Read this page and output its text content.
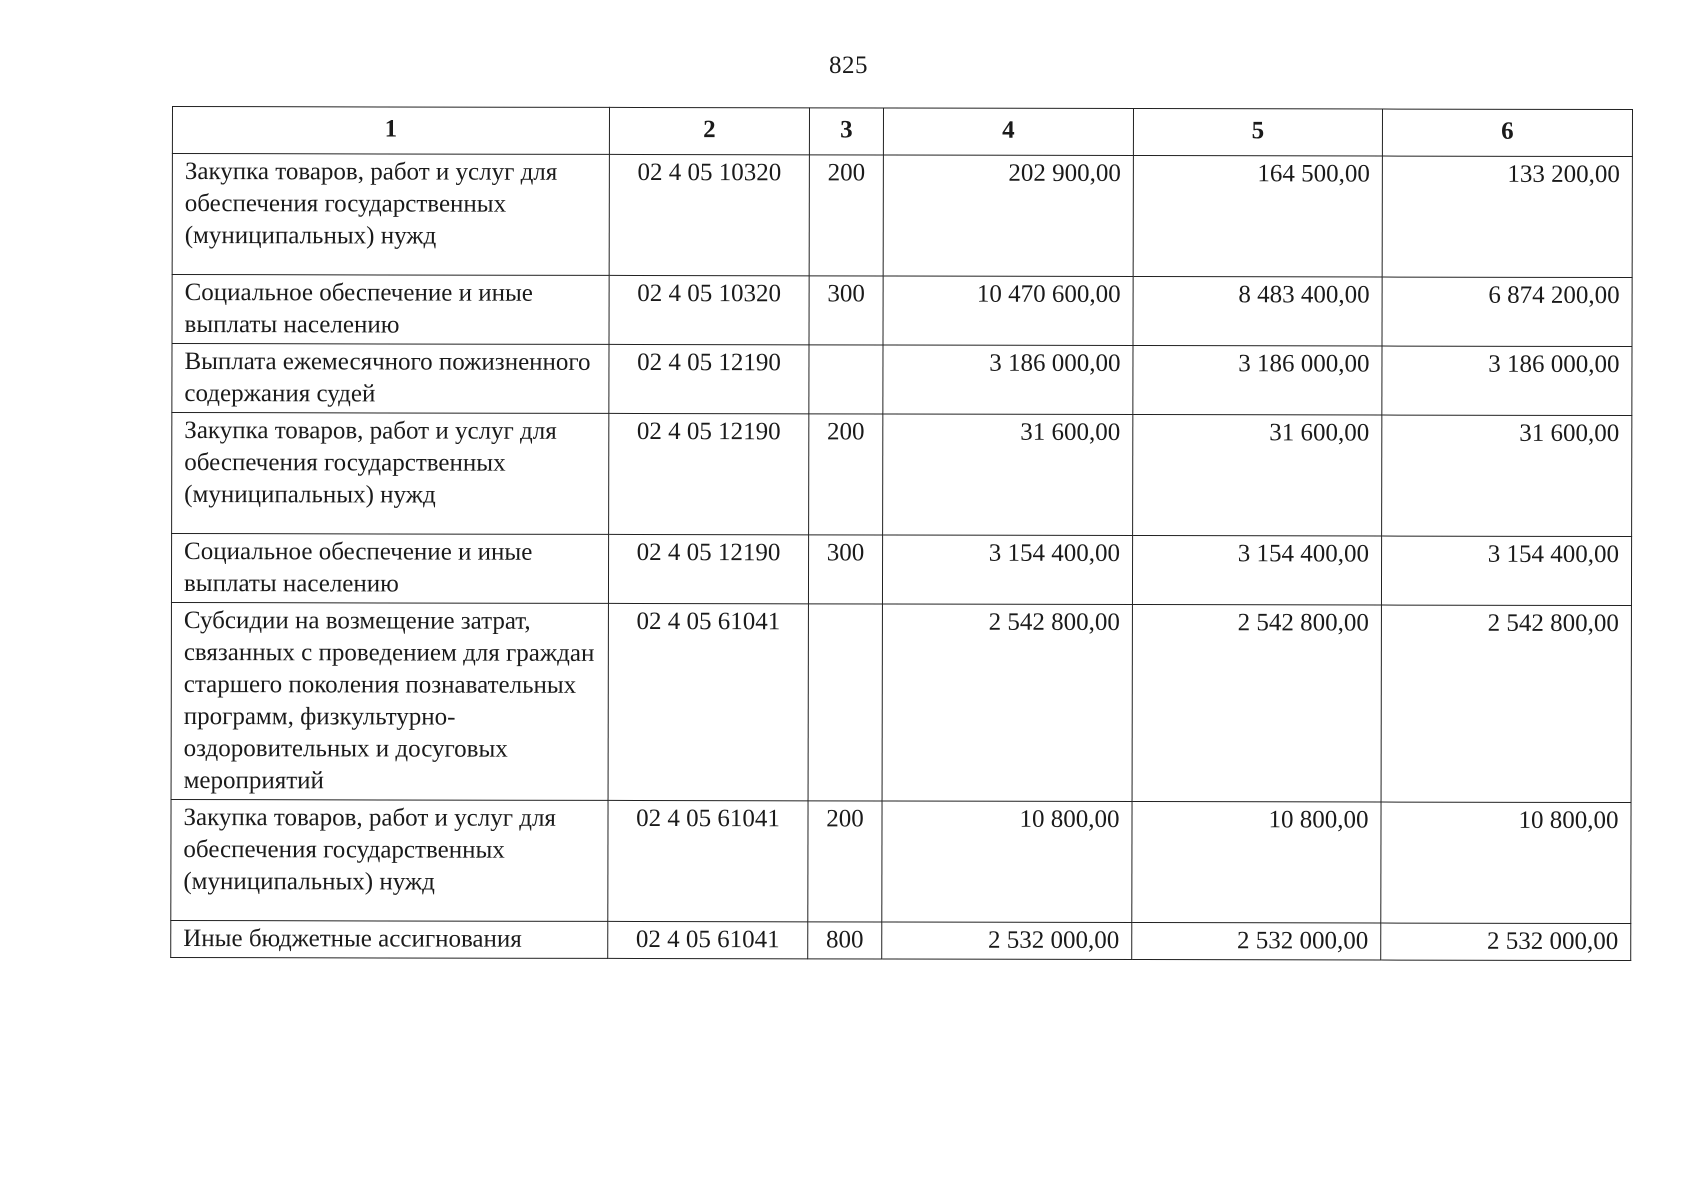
825
1	2	3	4	5	6
Закупка товаров, работ и услуг для обеспечения государственных (муниципальных) нужд	02 4 05 10320	200	202 900,00	164 500,00	133 200,00
Социальное обеспечение и иные выплаты населению	02 4 05 10320	300	10 470 600,00	8 483 400,00	6 874 200,00
Выплата ежемесячного пожизненного содержания судей	02 4 05 12190		3 186 000,00	3 186 000,00	3 186 000,00
Закупка товаров, работ и услуг для обеспечения государственных (муниципальных) нужд	02 4 05 12190	200	31 600,00	31 600,00	31 600,00
Социальное обеспечение и иные выплаты населению	02 4 05 12190	300	3 154 400,00	3 154 400,00	3 154 400,00
Субсидии на возмещение затрат, связанных с проведением для граждан старшего поколения познавательных программ, физкультурно-оздоровительных и досуговых мероприятий	02 4 05 61041		2 542 800,00	2 542 800,00	2 542 800,00
Закупка товаров, работ и услуг для обеспечения государственных (муниципальных) нужд	02 4 05 61041	200	10 800,00	10 800,00	10 800,00
Иные бюджетные ассигнования	02 4 05 61041	800	2 532 000,00	2 532 000,00	2 532 000,00
